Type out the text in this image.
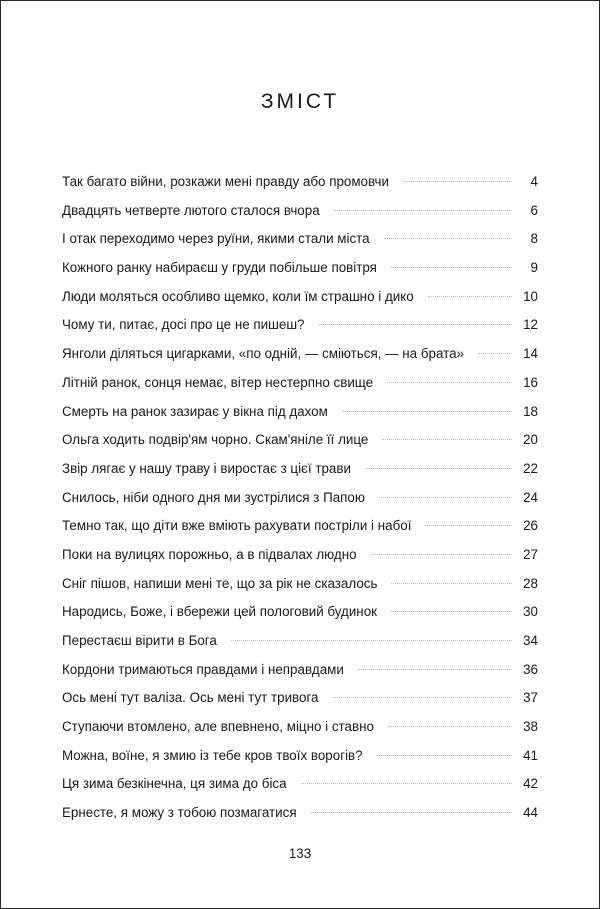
ЗМІСТ
Так багато війни, розкажи мені правду або промовчи	4
Двадцять четверте лютого сталося вчора	6
І отак переходимо через руїни, якими стали міста	8
Кожного ранку набираєш у груди побільше повітря	9
Люди моляться особливо щемко, коли їм страшно і дико	10
Чому ти, питає, досі про це не пишеш?	12
Янголи діляться цигарками, «по одній, — сміються, — на брата»	14
Літній ранок, сонця немає, вітер нестерпно свище	16
Смерть на ранок зазирає у вікна під дахом	18
Ольга ходить подвір'ям чорно. Скам'яніле її лице	20
Звір лягає у нашу траву і виростає з цієї трави	22
Снилось, ніби одного дня ми зустрілися з Папою	24
Темно так, що діти вже вміють рахувати постріли і набої	26
Поки на вулицях порожньо, а в підвалах людно	27
Сніг пішов, напиши мені те, що за рік не сказалось	28
Народись, Боже, і вбережи цей пологовий будинок	30
Перестаєш вірити в Бога	34
Кордони тримаються правдами і неправдами	36
Ось мені тут валіза. Ось мені тут тривога	37
Ступаючи втомлено, але впевнено, міцно і ставно	38
Можна, воїне, я змию із тебе кров твоїх ворогів?	41
Ця зима безкінечна, ця зима до біса	42
Ернесте, я можу з тобою позмагатися	44
133
